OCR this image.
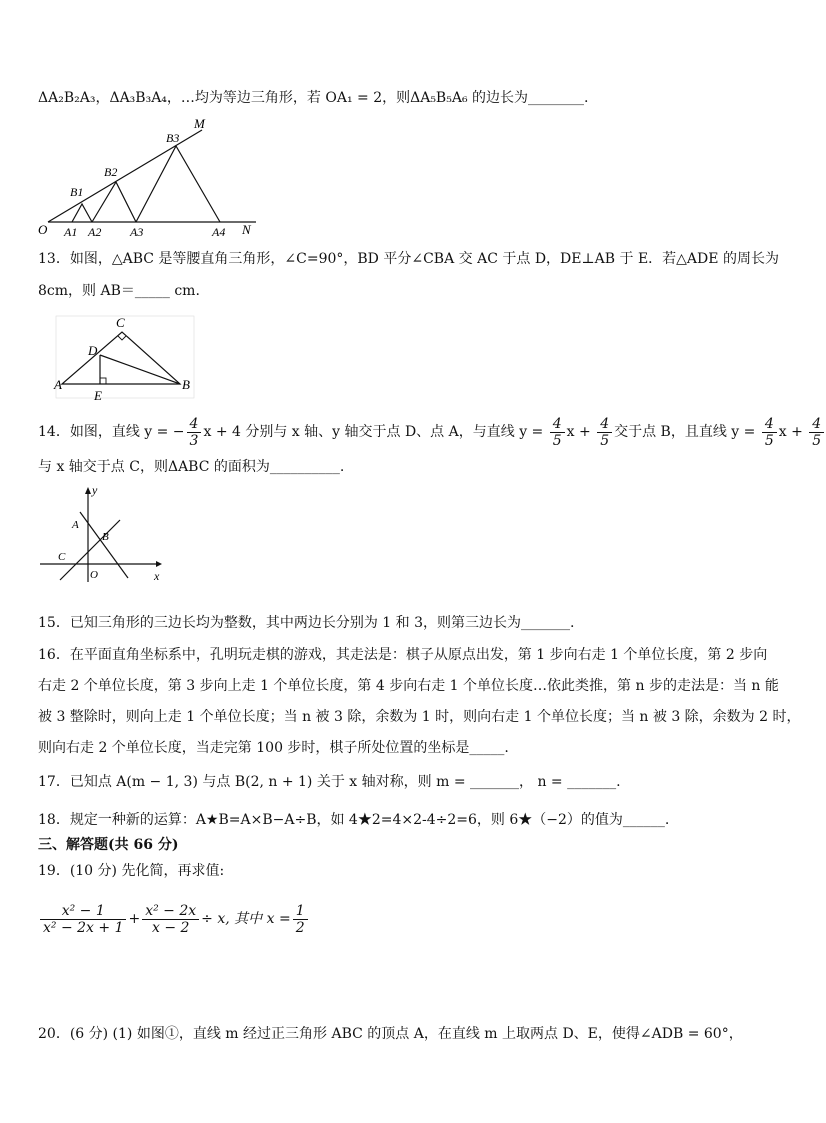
ΔA₂B₂A₃，ΔA₃B₃A₄，…均为等边三角形，若 OA₁ = 2，则ΔA₅B₅A₆ 的边长为________.
O
M
N
A1 A2 A3	A4
B1
B2
B3
13．如图，△ABC 是等腰直角三角形，∠C=90°，BD 平分∠CBA 交 AC 于点 D，DE⊥AB 于 E．若△ADE 的周长为
8cm，则 AB＝_____ cm.
C
D
A	B
E
14．如图，直线 y = − $\frac{4}{3}$ x + 4 分别与 x 轴、y 轴交于点 D、点 A，与直线 $y = \frac{4}{5}$ $x + \frac{4}{5}$ 交于点 B，且直线 $y = \frac{4}{5}$ $x + \frac{4}{5}$
与 x 轴交于点 C，则ΔABC 的面积为__________.
y
x
A
B
C
O
15．已知三角形的三边长均为整数，其中两边长分别为 1 和 3，则第三边长为_______.
16．在平面直角坐标系中，孔明玩走棋的游戏，其走法是：棋子从原点出发，第 1 步向右走 1 个单位长度，第 2 步向
右走 2 个单位长度，第 3 步向上走 1 个单位长度，第 4 步向右走 1 个单位长度…依此类推，第 n 步的走法是：当 n 能
被 3 整除时，则向上走 1 个单位长度；当 n 被 3 除，余数为 1 时，则向右走 1 个单位长度；当 n 被 3 除，余数为 2 时，
则向右走 2 个单位长度，当走完第 100 步时，棋子所处位置的坐标是_____.
17．已知点 A(m − 1, 3) 与点 B(2, n + 1) 关于 x 轴对称，则 m = _______， n = _______.
18．规定一种新的运算：A★B=A×B−A÷B，如 4★2=4×2-4÷2=6，则 6★（−2）的值为______.
三、解答题(共 66 分)
19．(10 分) 先化简，再求值:
$\frac{\text{x² − 1}}{\text{x² − 2x + 1}} + \frac{\text{x² − 2x}}{x - 2} \div x$, 其中 $x = \frac{1}{2}$
20．(6 分) (1) 如图①，直线 m 经过正三角形 ABC 的顶点 A，在直线 m 上取两点 D、E，使得∠ADB = 60°，
